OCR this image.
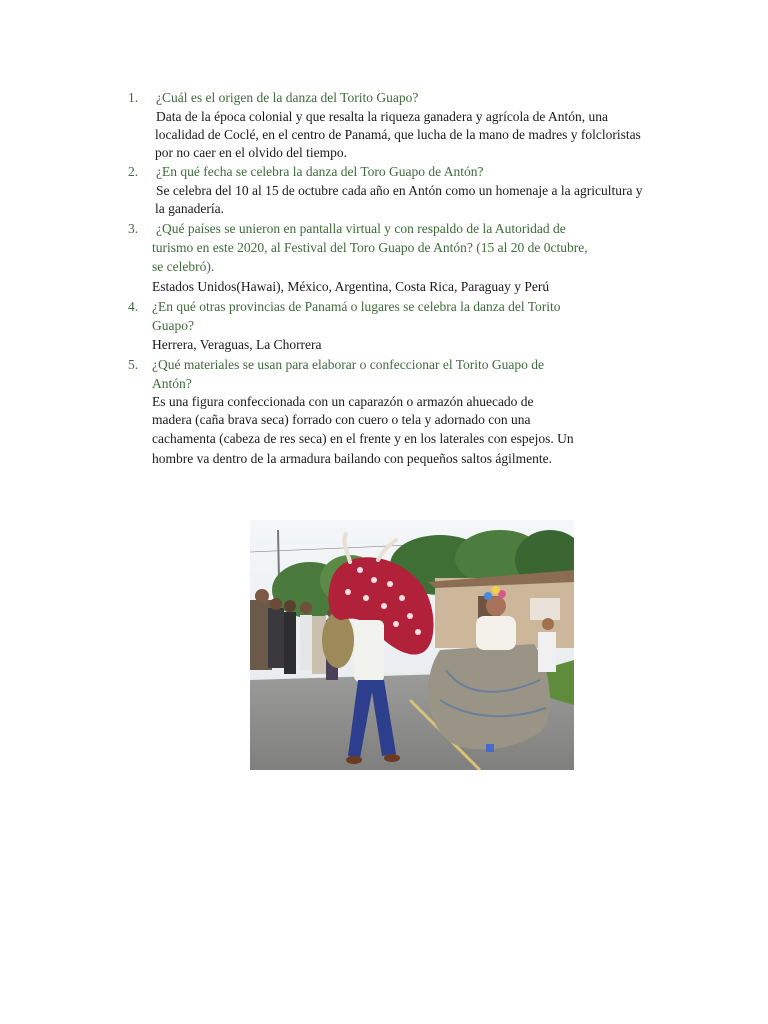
1.	¿Cuál es el origen de la danza del Torito Guapo?
Data de la época colonial y que resalta la riqueza ganadera y agrícola de Antón, una
localidad de Coclé, en el centro de Panamá, que lucha de la mano de madres y folcloristas
por no caer en el olvido del tiempo.
2.	¿En qué fecha se celebra la danza del Toro Guapo de Antón?
Se celebra del 10 al 15 de octubre cada año en Antón como un homenaje a la agricultura y
la ganadería.
3.	¿Qué países se unieron en pantalla virtual y con respaldo de la Autoridad de
turismo en este 2020, al Festival del Toro Guapo de Antón? (15 al 20 de 0ctubre,
se celebró).
Estados Unidos(Hawai), México, Argentina, Costa Rica, Paraguay y Perú
4.	¿En qué otras provincias de Panamá o lugares se celebra la danza del Torito
Guapo?
Herrera, Veraguas, La Chorrera
5.	¿Qué materiales se usan para elaborar o confeccionar el Torito Guapo de
Antón?
Es una figura confeccionada con un caparazón o armazón ahuecado de
madera (caña brava seca) forrado con cuero o tela y adornado con una
cachamenta (cabeza de res seca) en el frente y en los laterales con espejos. Un
hombre va dentro de la armadura bailando con pequeños saltos ágilmente.
